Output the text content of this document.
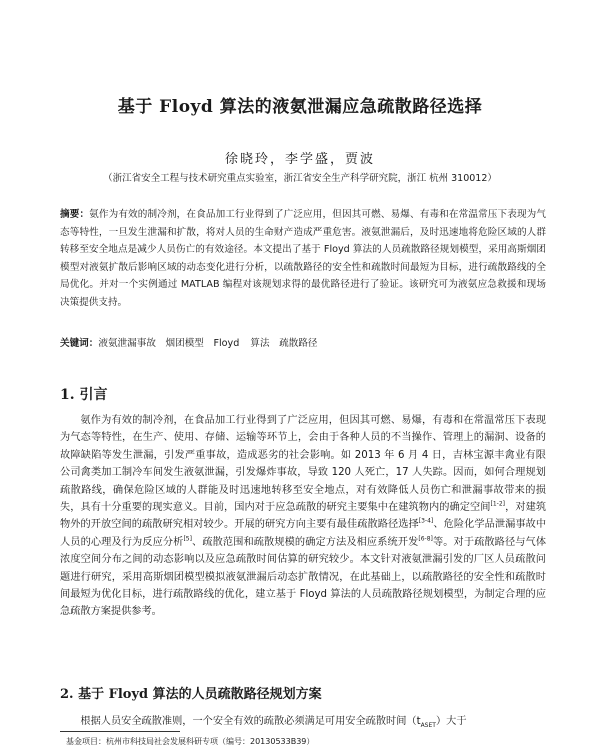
基于 Floyd 算法的液氨泄漏应急疏散路径选择
徐晓玲，李学盛，贾波
（浙江省安全工程与技术研究重点实验室，浙江省安全生产科学研究院，浙江 杭州 310012）
摘要：氨作为有效的制冷剂，在食品加工行业得到了广泛应用，但因其可燃、易爆、有毒和在常温常压下表现为气态等特性，一旦发生泄漏和扩散，将对人员的生命财产造成严重危害。液氨泄漏后，及时迅速地将危险区域的人群转移至安全地点是减少人员伤亡的有效途径。本文提出了基于 Floyd 算法的人员疏散路径规划模型，采用高斯烟团模型对液氨扩散后影响区域的动态变化进行分析，以疏散路径的安全性和疏散时间最短为目标，进行疏散路线的全局优化。并对一个实例通过 MATLAB 编程对该规划求得的最优路径进行了验证。该研究可为液氨应急救援和现场决策提供支持。
关键词：液氨泄漏事故　烟团模型　Floyd 算法　疏散路径
1. 引言
氨作为有效的制冷剂，在食品加工行业得到了广泛应用，但因其可燃、易爆，有毒和在常温常压下表现为气态等特性，在生产、使用、存储、运输等环节上，会由于各种人员的不当操作、管理上的漏洞、设备的故障缺陷等发生泄漏，引发严重事故，造成恶劣的社会影响。如 2013 年 6 月 4 日，吉林宝源丰禽业有限公司禽类加工制冷车间发生液氨泄漏，引发爆炸事故，导致 120 人死亡，17 人失踪。因而，如何合理规划疏散路线，确保危险区域的人群能及时迅速地转移至安全地点，对有效降低人员伤亡和泄漏事故带来的损失，具有十分重要的现实意义。目前，国内对于应急疏散的研究主要集中在建筑物内的确定空间[1-2]，对建筑物外的开放空间的疏散研究相对较少。开展的研究方向主要有最佳疏散路径选择[3-4]、危险化学品泄漏事故中人员的心理及行为反应分析[5]、疏散范围和疏散规模的确定方法及相应系统开发[6-8]等。对于疏散路径与气体浓度空间分布之间的动态影响以及应急疏散时间估算的研究较少。本文针对液氨泄漏引发的厂区人员疏散问题进行研究，采用高斯烟团模型模拟液氨泄漏后动态扩散情况，在此基础上，以疏散路径的安全性和疏散时间最短为优化目标，进行疏散路线的优化，建立基于 Floyd 算法的人员疏散路径规划模型，为制定合理的应急疏散方案提供参考。
2. 基于 Floyd 算法的人员疏散路径规划方案
根据人员安全疏散准则，一个安全有效的疏散必须满足可用安全疏散时间$(t_{ASET})$大于
基金项目：杭州市科技局社会发展科研专项（编号：20130533B39）
